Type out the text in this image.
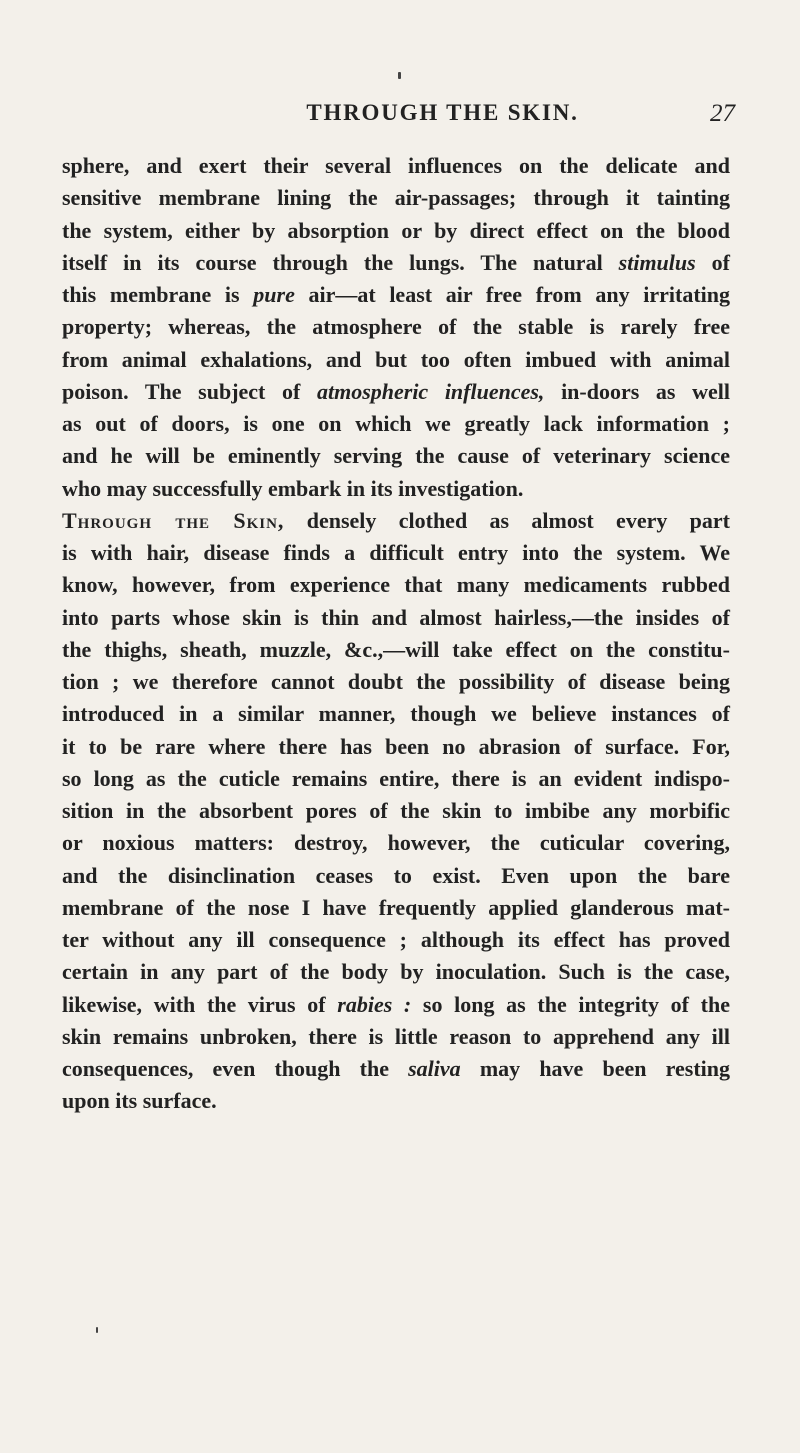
THROUGH THE SKIN.	27
sphere, and exert their several influences on the delicate and
sensitive membrane lining the air-passages; through it tainting
the system, either by absorption or by direct effect on the blood
itself in its course through the lungs. The natural stimulus of
this membrane is pure air—at least air free from any irritating
property; whereas, the atmosphere of the stable is rarely free
from animal exhalations, and but too often imbued with animal
poison. The subject of atmospheric influences, in-doors as well
as out of doors, is one on which we greatly lack information ;
and he will be eminently serving the cause of veterinary science
who may successfully embark in its investigation.
Through the Skin, densely clothed as almost every part
is with hair, disease finds a difficult entry into the system. We
know, however, from experience that many medicaments rubbed
into parts whose skin is thin and almost hairless,—the insides of
the thighs, sheath, muzzle, &c.,—will take effect on the constitu-
tion ; we therefore cannot doubt the possibility of disease being
introduced in a similar manner, though we believe instances of
it to be rare where there has been no abrasion of surface. For,
so long as the cuticle remains entire, there is an evident indispo-
sition in the absorbent pores of the skin to imbibe any morbific
or noxious matters: destroy, however, the cuticular covering,
and the disinclination ceases to exist. Even upon the bare
membrane of the nose I have frequently applied glanderous mat-
ter without any ill consequence ; although its effect has proved
certain in any part of the body by inoculation. Such is the case,
likewise, with the virus of rabies : so long as the integrity of the
skin remains unbroken, there is little reason to apprehend any ill
consequences, even though the saliva may have been resting
upon its surface.
